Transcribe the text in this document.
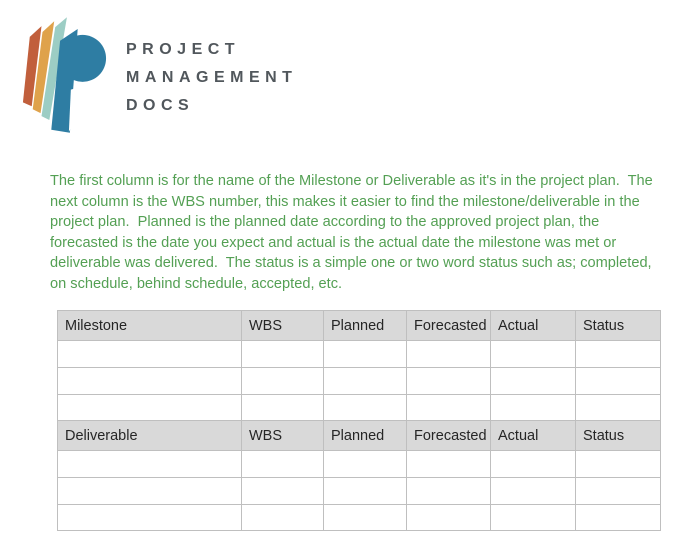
PROJECT
MANAGEMENT
DOCS
The first column is for the name of the Milestone or Deliverable as it's in the project plan.  The next column is the WBS number, this makes it easier to find the milestone/deliverable in the project plan.  Planned is the planned date according to the approved project plan, the forecasted is the date you expect and actual is the actual date the milestone was met or deliverable was delivered.  The status is a simple one or two word status such as; completed, on schedule, behind schedule, accepted, etc.
Milestone	WBS	Planned	Forecasted	Actual	Status

Deliverable	WBS	Planned	Forecasted	Actual	Status
